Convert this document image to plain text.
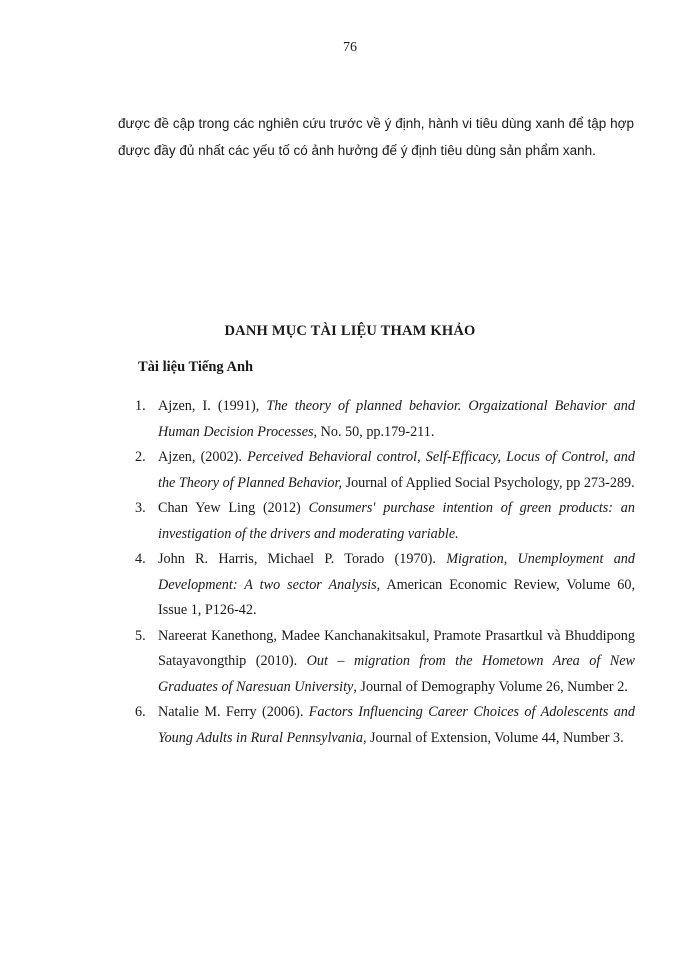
76

được đề cập trong các nghiên cứu trước về ý định, hành vi tiêu dùng xanh để tập hợp được đầy đủ nhất các yếu tố có ảnh hưởng đế ý định tiêu dùng sản phẩm xanh.

DANH MỤC TÀI LIỆU THAM KHẢO
Tài liệu Tiếng Anh
1. Ajzen, I. (1991), The theory of planned behavior. Orgaizational Behavior and Human Decision Processes, No. 50, pp.179-211.
2. Ajzen, (2002). Perceived Behavioral control, Self-Efficacy, Locus of Control, and the Theory of Planned Behavior, Journal of Applied Social Psychology, pp 273-289.
3. Chan Yew Ling (2012) Consumers' purchase intention of green products: an investigation of the drivers and moderating variable.
4. John R. Harris, Michael P. Torado (1970). Migration, Unemployment and Development: A two sector Analysis, American Economic Review, Volume 60, Issue 1, P126-42.
5. Nareerat Kanethong, Madee Kanchanakitsakul, Pramote Prasartkul và Bhuddipong Satayavongthip (2010). Out – migration from the Hometown Area of New Graduates of Naresuan University, Journal of Demography Volume 26, Number 2.
6. Natalie M. Ferry (2006). Factors Influencing Career Choices of Adolescents and Young Adults in Rural Pennsylvania, Journal of Extension, Volume 44, Number 3.
